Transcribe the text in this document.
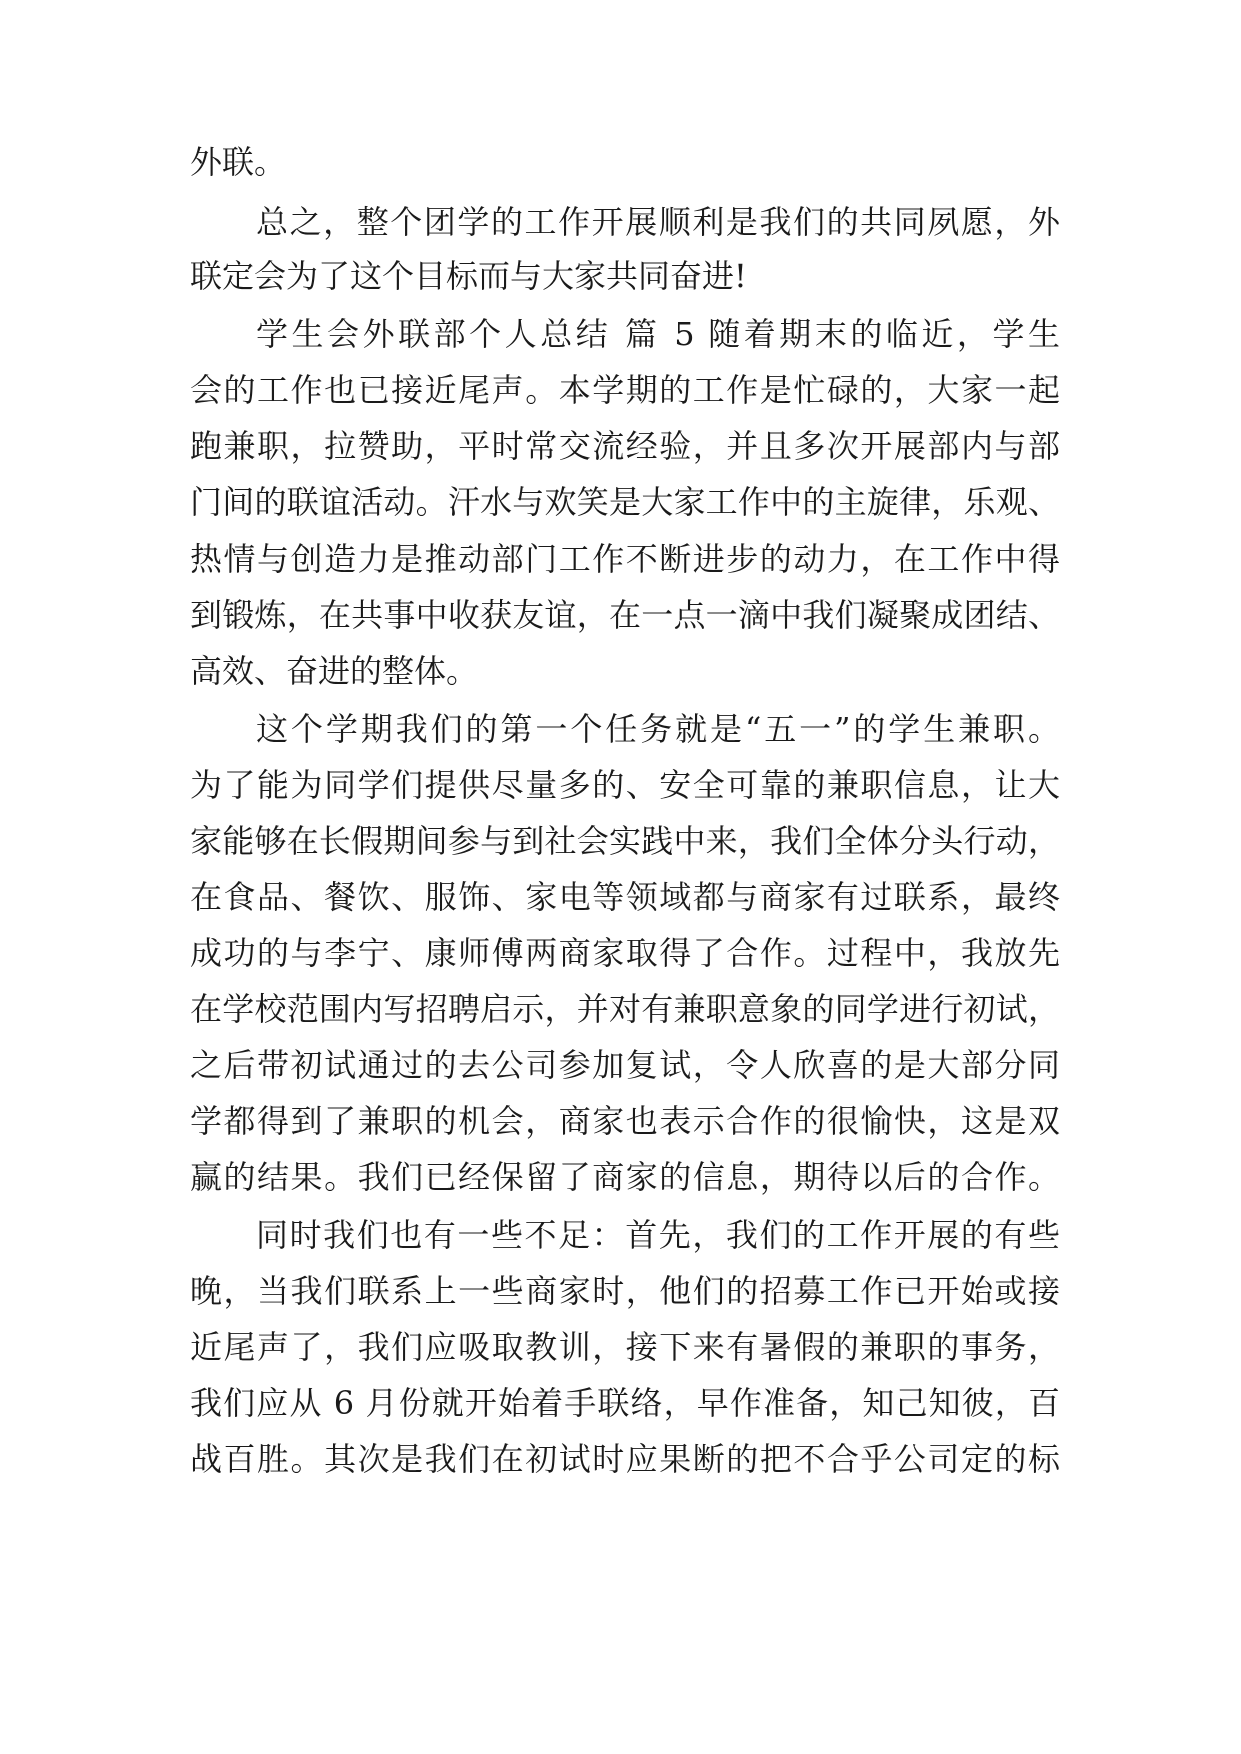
外联。
总之，整个团学的工作开展顺利是我们的共同夙愿，外
联定会为了这个目标而与大家共同奋进!
学生会外联部个人总结 篇 5 随着期末的临近，学生
会的工作也已接近尾声。本学期的工作是忙碌的，大家一起
跑兼职，拉赞助，平时常交流经验，并且多次开展部内与部
门间的联谊活动。汗水与欢笑是大家工作中的主旋律，乐观、
热情与创造力是推动部门工作不断进步的动力，在工作中得
到锻炼，在共事中收获友谊，在一点一滴中我们凝聚成团结、
高效、奋进的整体。
这个学期我们的第一个任务就是“五一”的学生兼职。
为了能为同学们提供尽量多的、安全可靠的兼职信息，让大
家能够在长假期间参与到社会实践中来，我们全体分头行动，
在食品、餐饮、服饰、家电等领域都与商家有过联系，最终
成功的与李宁、康师傅两商家取得了合作。过程中，我放先
在学校范围内写招聘启示，并对有兼职意象的同学进行初试，
之后带初试通过的去公司参加复试，令人欣喜的是大部分同
学都得到了兼职的机会，商家也表示合作的很愉快，这是双
赢的结果。我们已经保留了商家的信息，期待以后的合作。
同时我们也有一些不足：首先，我们的工作开展的有些
晚，当我们联系上一些商家时，他们的招募工作已开始或接
近尾声了，我们应吸取教训，接下来有暑假的兼职的事务，
我们应从 6 月份就开始着手联络，早作准备，知己知彼，百
战百胜。其次是我们在初试时应果断的把不合乎公司定的标
